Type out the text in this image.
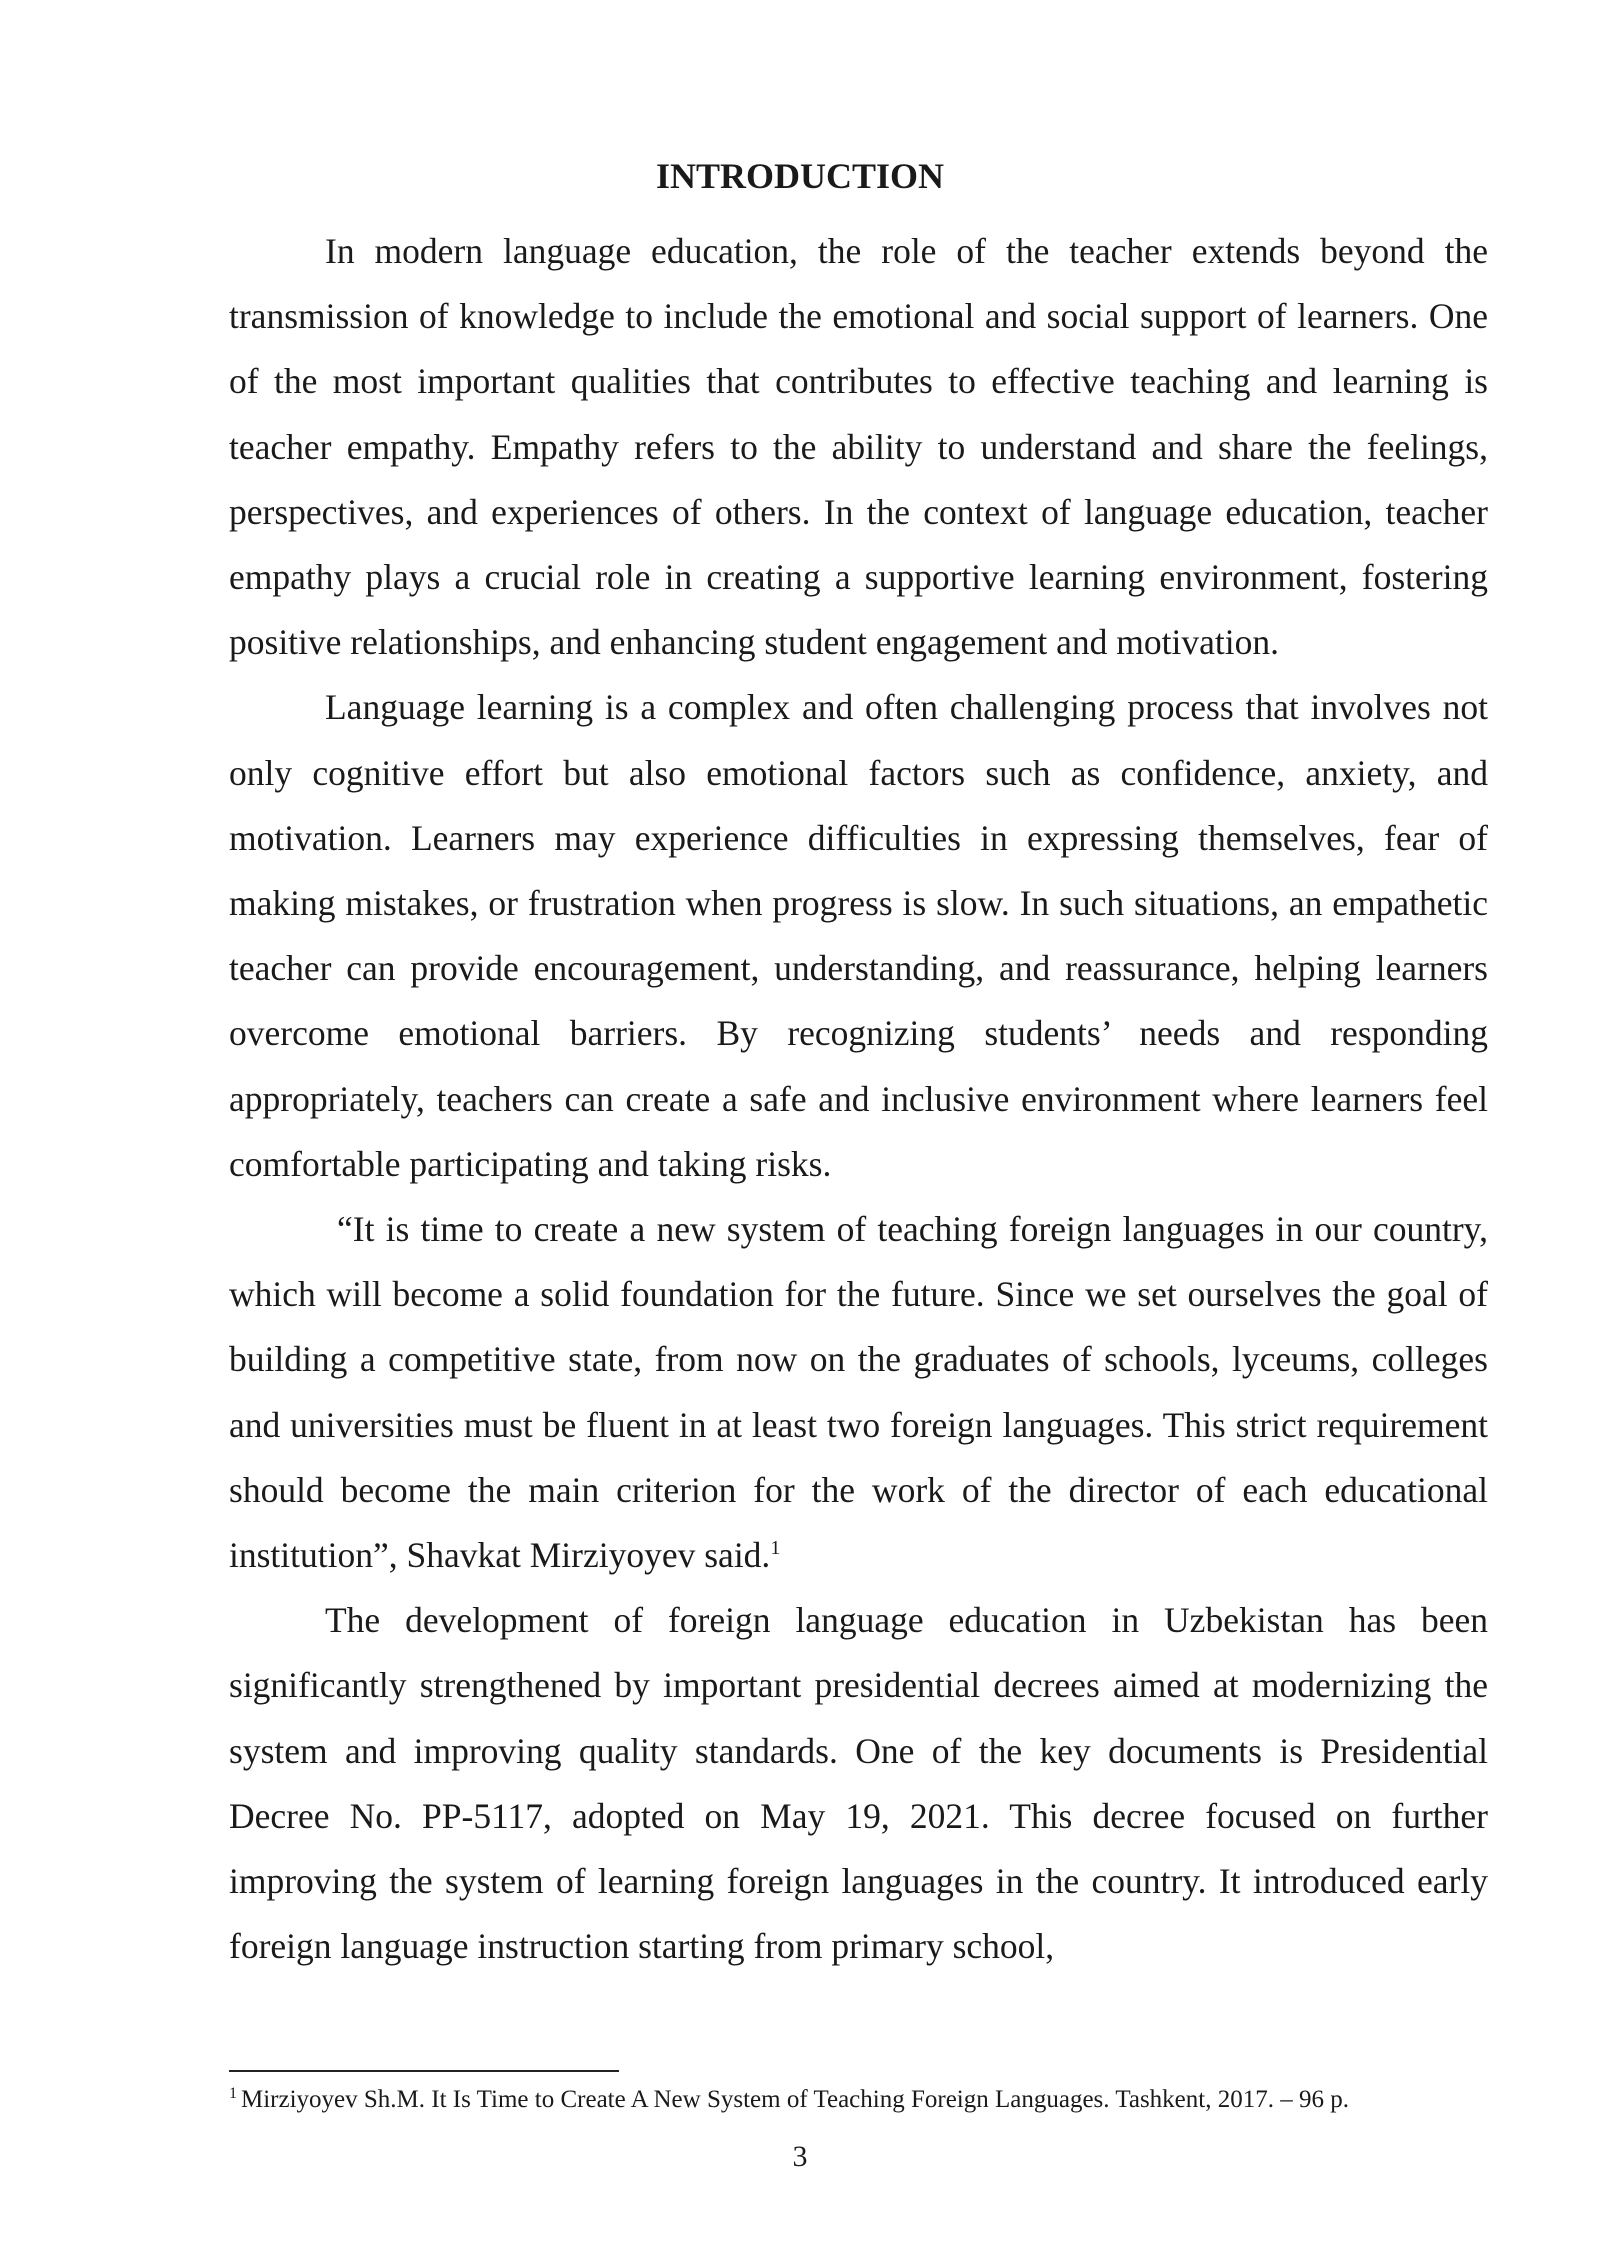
INTRODUCTION

In modern language education, the role of the teacher extends beyond the transmission of knowledge to include the emotional and social support of learners. One of the most important qualities that contributes to effective teaching and learning is teacher empathy. Empathy refers to the ability to understand and share the feelings, perspectives, and experiences of others. In the context of language education, teacher empathy plays a crucial role in creating a supportive learning environment, fostering positive relationships, and enhancing student engagement and motivation.

Language learning is a complex and often challenging process that involves not only cognitive effort but also emotional factors such as confidence, anxiety, and motivation. Learners may experience difficulties in expressing themselves, fear of making mistakes, or frustration when progress is slow. In such situations, an empathetic teacher can provide encouragement, understanding, and reassurance, helping learners overcome emotional barriers. By recognizing students’ needs and responding appropriately, teachers can create a safe and inclusive environment where learners feel comfortable participating and taking risks.

“It is time to create a new system of teaching foreign languages in our country, which will become a solid foundation for the future. Since we set ourselves the goal of building a competitive state, from now on the graduates of schools, lyceums, colleges and universities must be fluent in at least two foreign languages. This strict requirement should become the main criterion for the work of the director of each educational institution”, Shavkat Mirziyoyev said.$^1$

The development of foreign language education in Uzbekistan has been significantly strengthened by important presidential decrees aimed at modernizing the system and improving quality standards. One of the key documents is Presidential Decree No. PP-5117, adopted on May 19, 2021. This decree focused on further improving the system of learning foreign languages in the country. It introduced early foreign language instruction starting from primary school,

$^1$ Mirziyoyev Sh.M. It Is Time to Create A New System of Teaching Foreign Languages. Tashkent, 2017. – 96 p.

3
